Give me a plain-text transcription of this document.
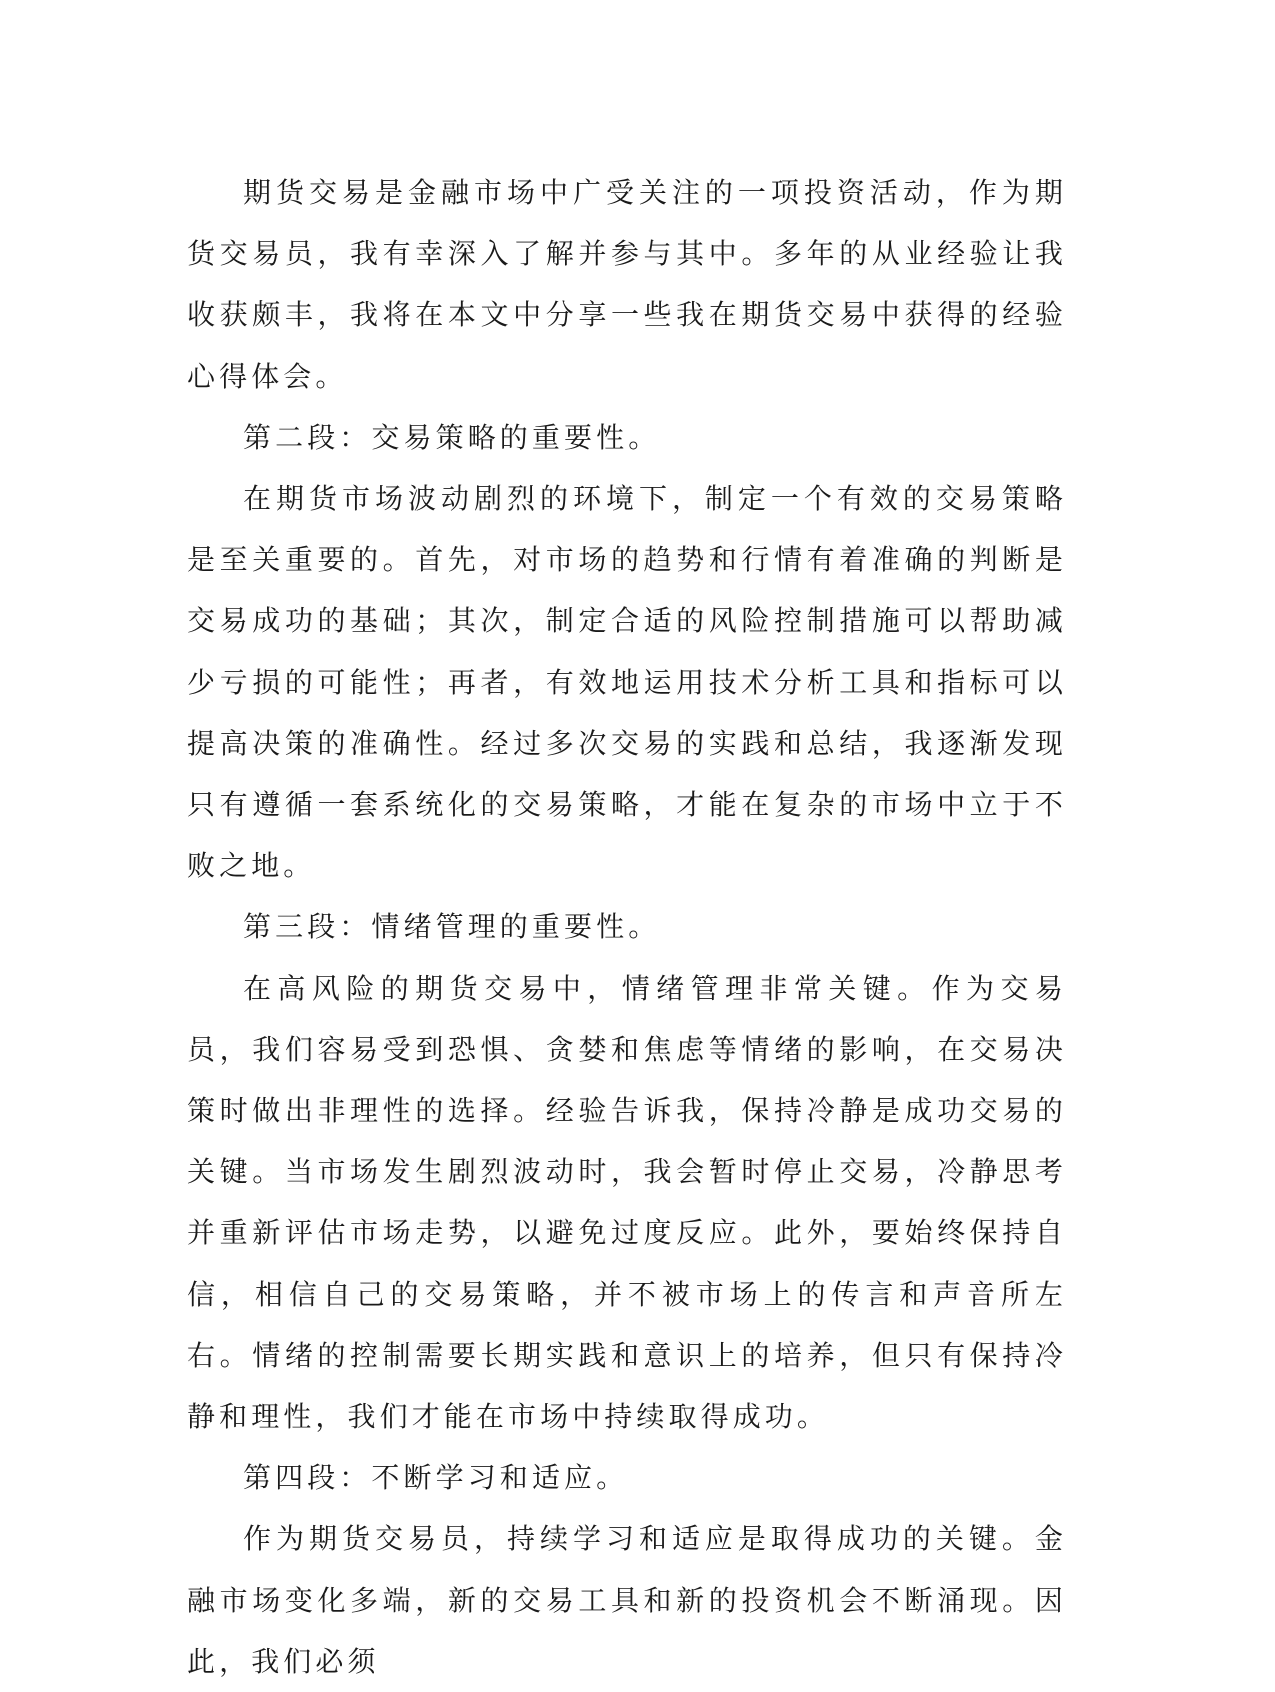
期货交易是金融市场中广受关注的一项投资活动，作为期货交易员，我有幸深入了解并参与其中。多年的从业经验让我收获颇丰，我将在本文中分享一些我在期货交易中获得的经验心得体会。

第二段：交易策略的重要性。

在期货市场波动剧烈的环境下，制定一个有效的交易策略是至关重要的。首先，对市场的趋势和行情有着准确的判断是交易成功的基础；其次，制定合适的风险控制措施可以帮助减少亏损的可能性；再者，有效地运用技术分析工具和指标可以提高决策的准确性。经过多次交易的实践和总结，我逐渐发现只有遵循一套系统化的交易策略，才能在复杂的市场中立于不败之地。

第三段：情绪管理的重要性。

在高风险的期货交易中，情绪管理非常关键。作为交易员，我们容易受到恐惧、贪婪和焦虑等情绪的影响，在交易决策时做出非理性的选择。经验告诉我，保持冷静是成功交易的关键。当市场发生剧烈波动时，我会暂时停止交易，冷静思考并重新评估市场走势，以避免过度反应。此外，要始终保持自信，相信自己的交易策略，并不被市场上的传言和声音所左右。情绪的控制需要长期实践和意识上的培养，但只有保持冷静和理性，我们才能在市场中持续取得成功。

第四段：不断学习和适应。

作为期货交易员，持续学习和适应是取得成功的关键。金融市场变化多端，新的交易工具和新的投资机会不断涌现。因此，我们必须
